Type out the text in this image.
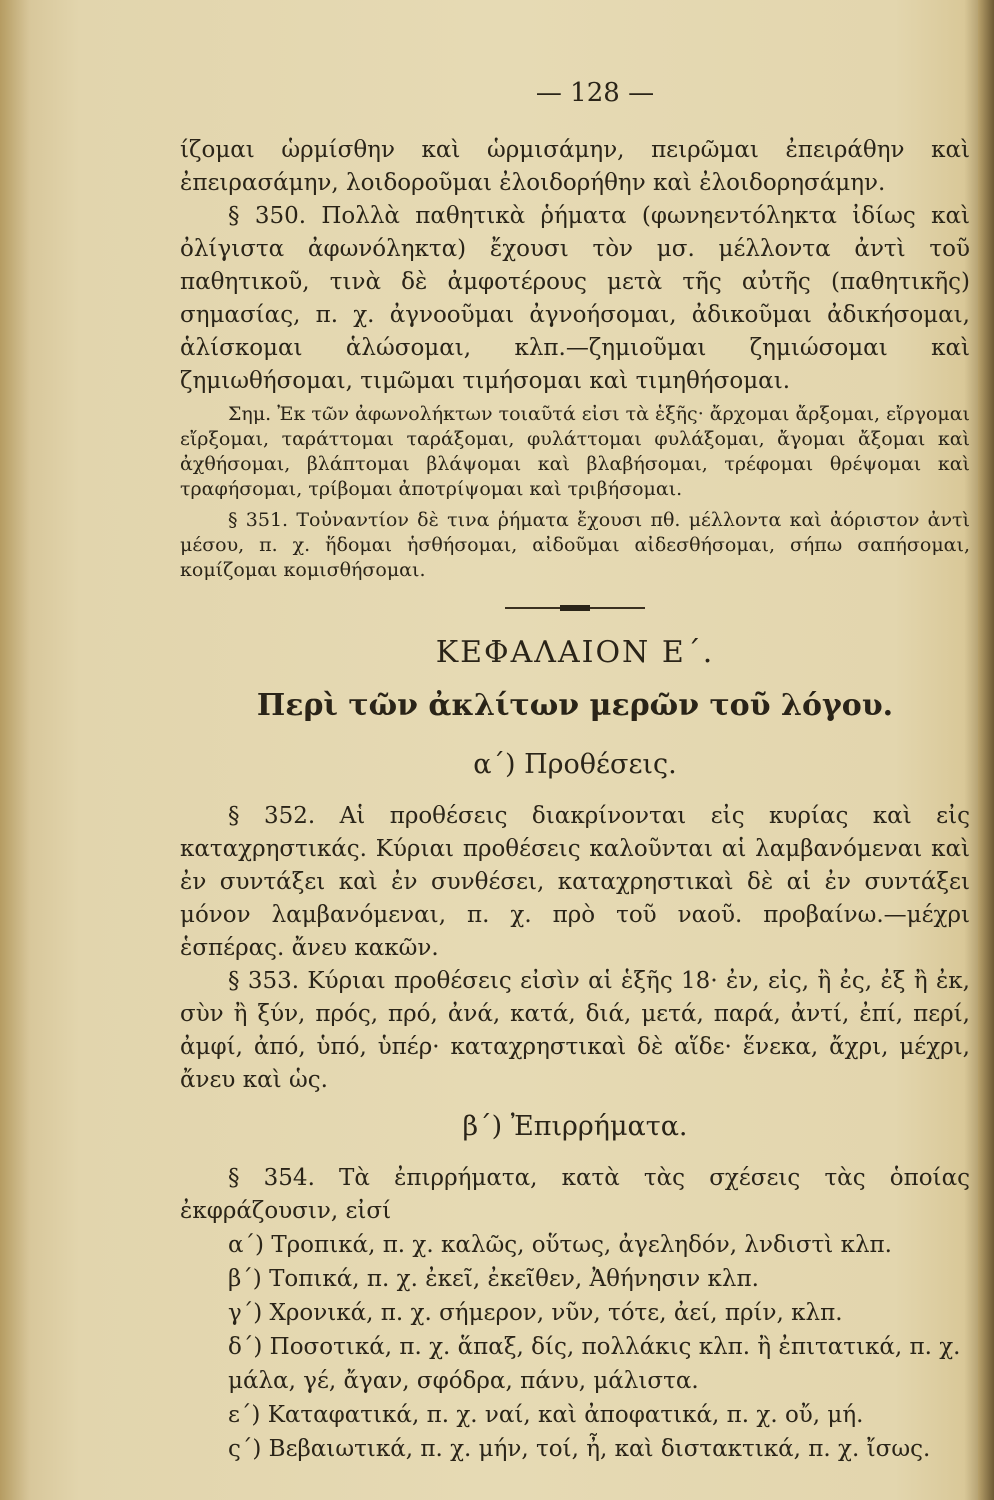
— 128 —

ίζομαι ὡρμίσθην καὶ ὡρμισάμην, πειρῶμαι ἐπειράθην καὶ ἐπειρασάμην, λοιδοροῦμαι ἐλοιδορήθην καὶ ἐλοιδορησάμην.

§ 350. Πολλὰ παθητικὰ ῥήματα (φωνηεντόληκτα ἰδίως καὶ ὀλίγιστα ἀφωνόληκτα) ἔχουσι τὸν μσ. μέλλοντα ἀντὶ τοῦ παθητικοῦ, τινὰ δὲ ἀμφοτέρους μετὰ τῆς αὐτῆς (παθητικῆς) σημασίας, π. χ. ἀγνοοῦμαι ἀγνοήσομαι, ἀδικοῦμαι ἀδικήσομαι, ἁλίσκομαι ἁλώσομαι, κλπ.—ζημιοῦμαι ζημιώσομαι καὶ ζημιωθήσομαι, τιμῶμαι τιμήσομαι καὶ τιμηθήσομαι.

Σημ. Ἐκ τῶν ἀφωνολήκτων τοιαῦτά εἰσι τὰ ἑξῆς· ἄρχομαι ἄρξομαι, εἴργομαι εἴρξομαι, ταράττομαι ταράξομαι, φυλάττομαι φυλάξομαι, ἄγομαι ἄξομαι καὶ ἀχθήσομαι, βλάπτομαι βλάψομαι καὶ βλαβήσομαι, τρέφομαι θρέψομαι καὶ τραφήσομαι, τρίβομαι ἀποτρίψομαι καὶ τριβήσομαι.

§ 351. Τοὐναντίον δὲ τινα ῥήματα ἔχουσι πθ. μέλλοντα καὶ ἀόριστον ἀντὶ μέσου, π. χ. ἥδομαι ἡσθήσομαι, αἰδοῦμαι αἰδεσθήσομαι, σήπω σαπήσομαι, κομίζομαι κομισθήσομαι.

ΚΕΦΑΛΑΙΟΝ Ε΄.
Περὶ τῶν ἀκλίτων μερῶν τοῦ λόγου.
α΄) Προθέσεις.

§ 352. Αἱ προθέσεις διακρίνονται εἰς κυρίας καὶ εἰς καταχρηστικάς. Κύριαι προθέσεις καλοῦνται αἱ λαμβανόμεναι καὶ ἐν συντάξει καὶ ἐν συνθέσει, καταχρηστικαὶ δὲ αἱ ἐν συντάξει μόνον λαμβανόμεναι, π. χ. πρὸ τοῦ ναοῦ. προβαίνω.—μέχρι ἑσπέρας. ἄνευ κακῶν.

§ 353. Κύριαι προθέσεις εἰσὶν αἱ ἑξῆς 18· ἐν, εἰς, ἢ ἐς, ἐξ ἢ ἐκ, σὺν ἢ ξύν, πρός, πρό, ἀνά, κατά, διά, μετά, παρά, ἀντί, ἐπί, περί, ἀμφί, ἀπό, ὑπό, ὑπέρ· καταχρηστικαὶ δὲ αἵδε· ἕνεκα, ἄχρι, μέχρι, ἄνευ καὶ ὡς.

β΄) Ἐπιρρήματα.

§ 354. Τὰ ἐπιρρήματα, κατὰ τὰς σχέσεις τὰς ὁποίας ἐκφράζουσιν, εἰσί

α΄) Τροπικά, π. χ. καλῶς, οὕτως, ἀγεληδόν, λνδιστὶ κλπ.
β΄) Τοπικά, π. χ. ἐκεῖ, ἐκεῖθεν, Ἀθήνησιν κλπ.
γ΄) Χρονικά, π. χ. σήμερον, νῦν, τότε, ἀεί, πρίν, κλπ.
δ΄) Ποσοτικά, π. χ. ἅπαξ, δίς, πολλάκις κλπ. ἢ ἐπιτατικά, π. χ. μάλα, γέ, ἄγαν, σφόδρα, πάνυ, μάλιστα.
ε΄) Καταφατικά, π. χ. ναί, καὶ ἀποφατικά, π. χ. οὔ, μή.
ς΄) Βεβαιωτικά, π. χ. μήν, τοί, ἦ, καὶ διστακτικά, π. χ. ἴσως.
